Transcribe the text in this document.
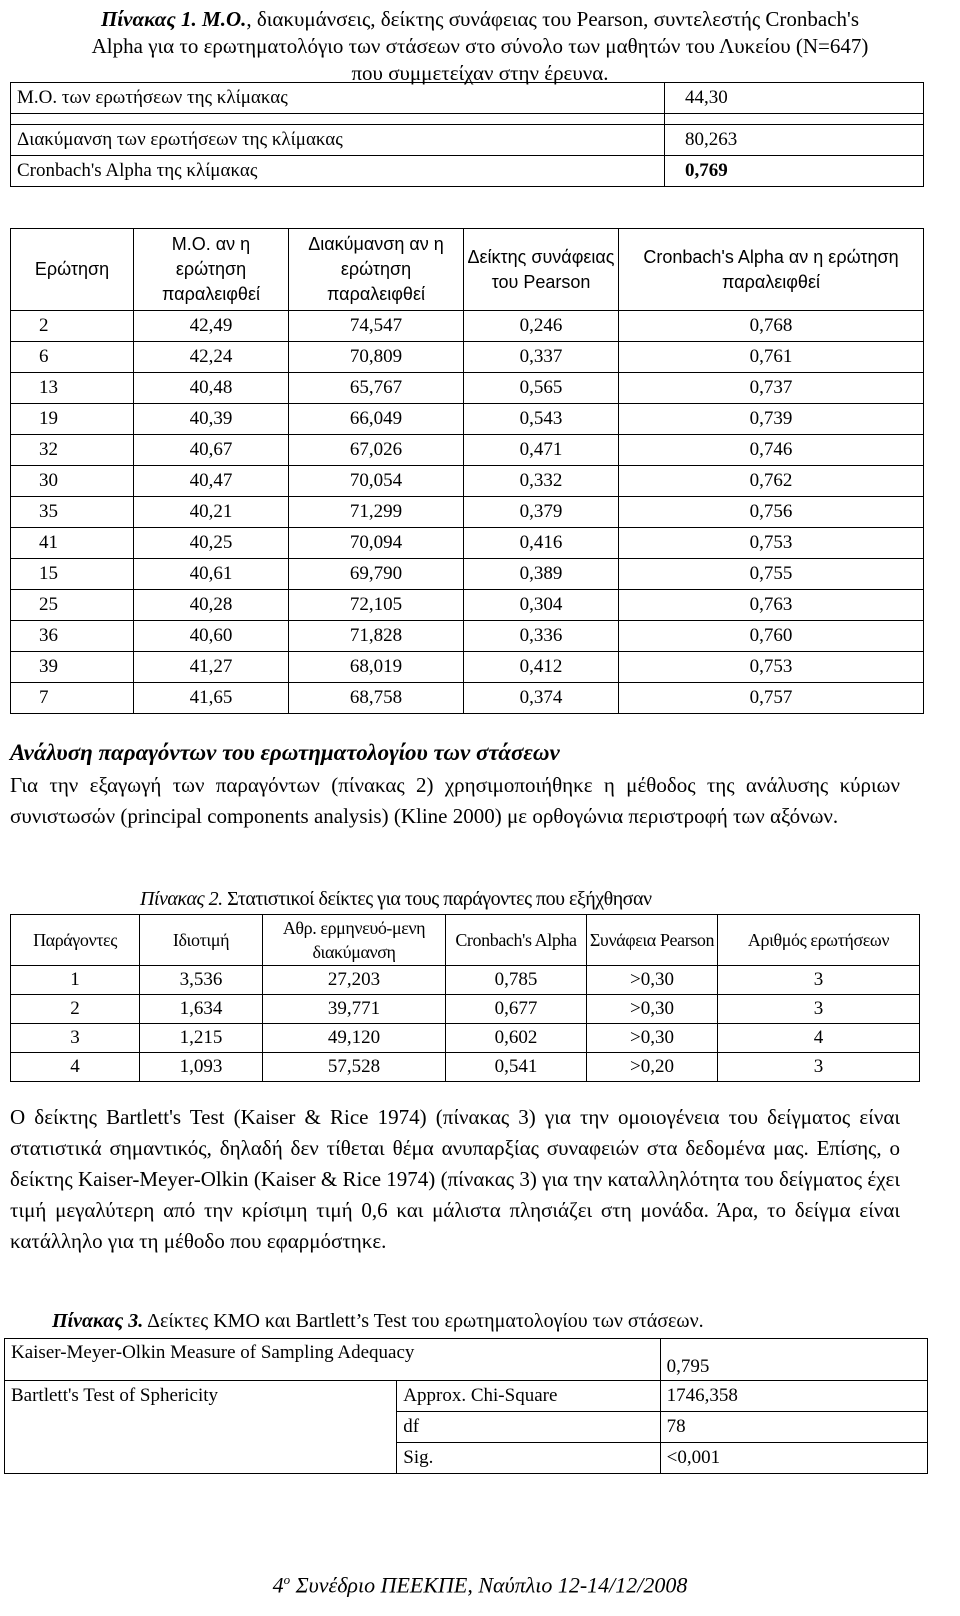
Πίνακας 1. Μ.Ο., διακυμάνσεις, δείκτης συνάφειας του Pearson, συντελεστής Cronbach's
Alpha για το ερωτηματολόγιο των στάσεων στο σύνολο των μαθητών του Λυκείου (N=647)
που συμμετείχαν στην έρευνα.
Μ.Ο. των ερωτήσεων της κλίμακας	44,30

Διακύμανση των ερωτήσεων της κλίμακας	80,263
Cronbach's Alpha της κλίμακας	0,769
Ερώτηση	Μ.Ο. αν η ερώτηση παραλειφθεί	Διακύμανση αν η ερώτηση παραλειφθεί	Δείκτης συνάφειας του Pearson	Cronbach's Alpha αν η ερώτηση παραλειφθεί
2	42,49	74,547	0,246	0,768
6	42,24	70,809	0,337	0,761
13	40,48	65,767	0,565	0,737
19	40,39	66,049	0,543	0,739
32	40,67	67,026	0,471	0,746
30	40,47	70,054	0,332	0,762
35	40,21	71,299	0,379	0,756
41	40,25	70,094	0,416	0,753
15	40,61	69,790	0,389	0,755
25	40,28	72,105	0,304	0,763
36	40,60	71,828	0,336	0,760
39	41,27	68,019	0,412	0,753
7	41,65	68,758	0,374	0,757
Ανάλυση παραγόντων του ερωτηματολογίου των στάσεων
Για την εξαγωγή των παραγόντων (πίνακας 2) χρησιμοποιήθηκε η μέθοδος της ανάλυσης κύριων συνιστωσών (principal components analysis) (Kline 2000) με ορθογώνια περιστροφή των αξόνων.
Πίνακας 2. Στατιστικοί δείκτες για τους παράγοντες που εξήχθησαν
Παράγοντες	Ιδιοτιμή	Αθρ. ερμηνευό-μενη διακύμανση	Cronbach's Alpha	Συνάφεια Pearson	Αριθμός ερωτήσεων
1	3,536	27,203	0,785	>0,30	3
2	1,634	39,771	0,677	>0,30	3
3	1,215	49,120	0,602	>0,30	4
4	1,093	57,528	0,541	>0,20	3
Ο δείκτης Bartlett's Test (Kaiser & Rice 1974) (πίνακας 3) για την ομοιογένεια του δείγματος είναι στατιστικά σημαντικός, δηλαδή δεν τίθεται θέμα ανυπαρξίας συναφειών στα δεδομένα μας. Επίσης, ο δείκτης Kaiser-Meyer-Olkin (Kaiser & Rice 1974) (πίνακας 3) για την καταλληλότητα του δείγματος έχει τιμή μεγαλύτερη από την κρίσιμη τιμή 0,6 και μάλιστα πλησιάζει στη μονάδα. Άρα, το δείγμα είναι κατάλληλο για τη μέθοδο που εφαρμόστηκε.
Πίνακας 3. Δείκτες ΚΜΟ και Bartlett’s Test του ερωτηματολογίου των στάσεων.
Kaiser-Meyer-Olkin Measure of Sampling Adequacy		0,795
Bartlett's Test of Sphericity	Approx. Chi-Square	1746,358
	df	78
	Sig.	<0,001
$4^o$ Συνέδριο ΠΕΕΚΠΕ, Ναύπλιο 12-14/12/2008
